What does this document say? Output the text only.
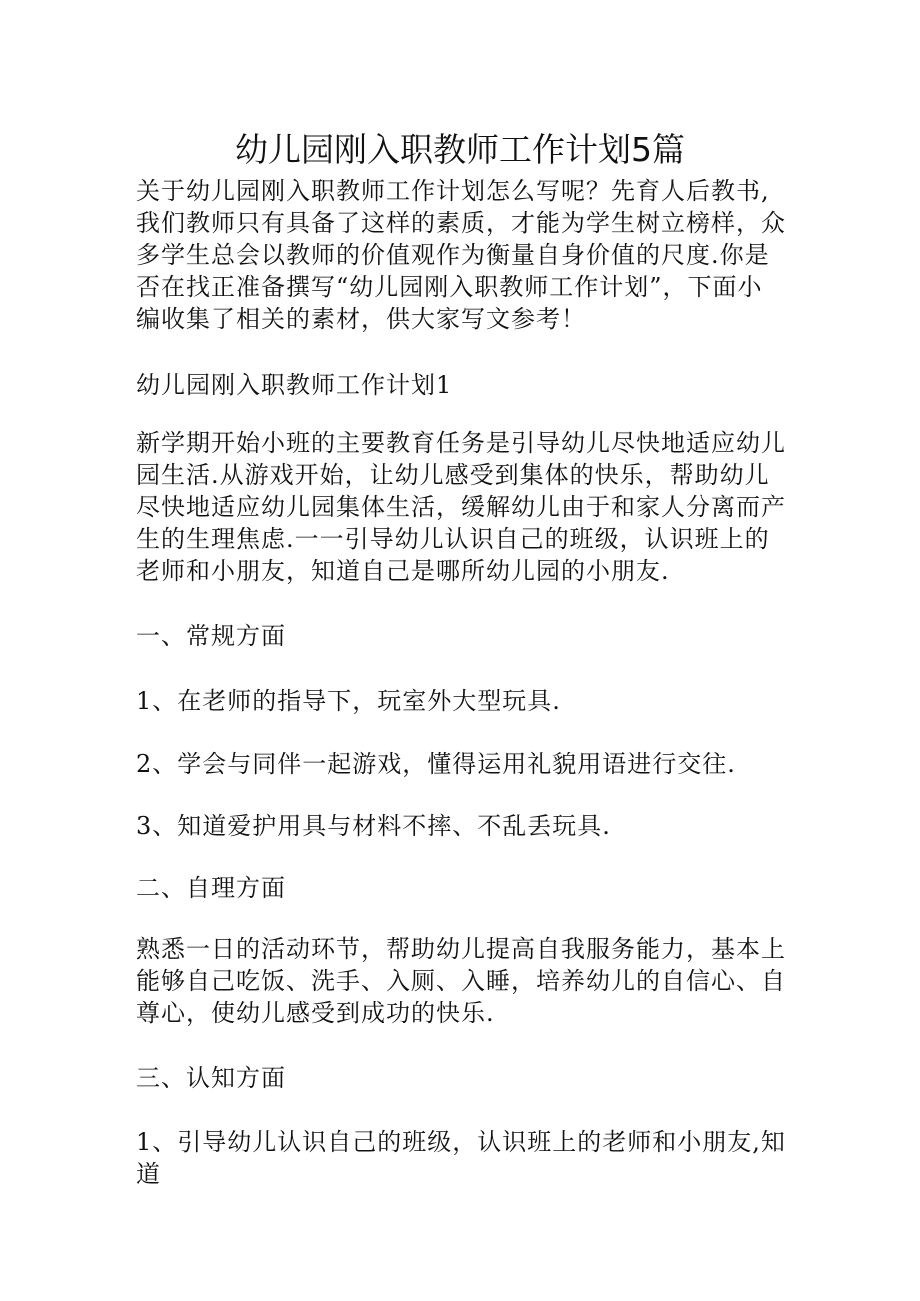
幼儿园刚入职教师工作计划5篇

关于幼儿园刚入职教师工作计划怎么写呢？先育人后教书,我们教师只有具备了这样的素质，才能为学生树立榜样，众多学生总会以教师的价值观作为衡量自身价值的尺度.你是否在找正准备撰写“幼儿园刚入职教师工作计划”，下面小编收集了相关的素材，供大家写文参考！

幼儿园刚入职教师工作计划1

新学期开始小班的主要教育任务是引导幼儿尽快地适应幼儿园生活.从游戏开始，让幼儿感受到集体的快乐，帮助幼儿尽快地适应幼儿园集体生活，缓解幼儿由于和家人分离而产生的生理焦虑.一一引导幼儿认识自己的班级，认识班上的老师和小朋友，知道自己是哪所幼儿园的小朋友.

一、常规方面

1、在老师的指导下，玩室外大型玩具.

2、学会与同伴一起游戏，懂得运用礼貌用语进行交往.

3、知道爱护用具与材料不摔、不乱丢玩具.

二、自理方面

熟悉一日的活动环节，帮助幼儿提高自我服务能力，基本上能够自己吃饭、洗手、入厕、入睡，培养幼儿的自信心、自尊心，使幼儿感受到成功的快乐.

三、认知方面

1、引导幼儿认识自己的班级，认识班上的老师和小朋友,知道
